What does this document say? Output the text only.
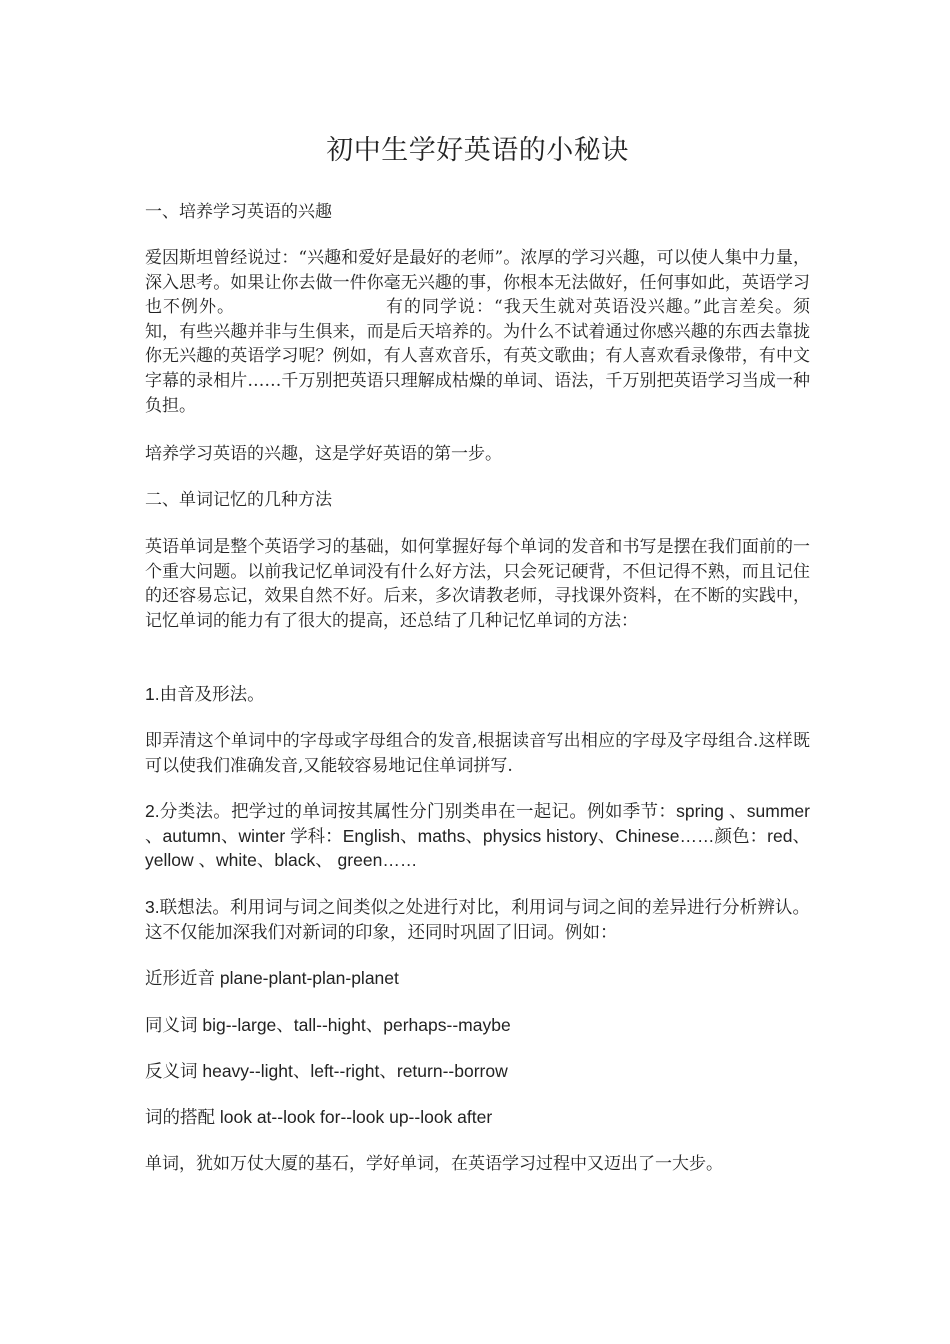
初中生学好英语的小秘诀

一、培养学习英语的兴趣

爱因斯坦曾经说过：“兴趣和爱好是最好的老师”。浓厚的学习兴趣，可以使人集中力量，深入思考。如果让你去做一件你毫无兴趣的事，你根本无法做好，任何事如此，英语学习也不例外。	有的同学说：“我天生就对英语没兴趣。”此言差矣。须知，有些兴趣并非与生俱来，而是后天培养的。为什么不试着通过你感兴趣的东西去靠拢你无兴趣的英语学习呢？例如，有人喜欢音乐，有英文歌曲；有人喜欢看录像带，有中文字幕的录相片……千万别把英语只理解成枯燥的单词、语法，千万别把英语学习当成一种负担。

培养学习英语的兴趣，这是学好英语的第一步。

二、单词记忆的几种方法

英语单词是整个英语学习的基础，如何掌握好每个单词的发音和书写是摆在我们面前的一个重大问题。以前我记忆单词没有什么好方法，只会死记硬背，不但记得不熟，而且记住的还容易忘记，效果自然不好。后来，多次请教老师，寻找课外资料，在不断的实践中，记忆单词的能力有了很大的提高，还总结了几种记忆单词的方法：

1.由音及形法。

即弄清这个单词中的字母或字母组合的发音,根据读音写出相应的字母及字母组合.这样既可以使我们准确发音,又能较容易地记住单词拼写.

2.分类法。把学过的单词按其属性分门别类串在一起记。例如季节：spring 、summer 、autumn、winter 学科：English、maths、physics history、Chinese……颜色：red、yellow 、white、black、 green……

3.联想法。利用词与词之间类似之处进行对比，利用词与词之间的差异进行分析辨认。这不仅能加深我们对新词的印象，还同时巩固了旧词。例如：

近形近音 plane-plant-plan-planet

同义词 big--large、tall--hight、perhaps--maybe

反义词 heavy--light、left--right、return--borrow

词的搭配 look at--look for--look up--look after

单词，犹如万仗大厦的基石，学好单词，在英语学习过程中又迈出了一大步。
